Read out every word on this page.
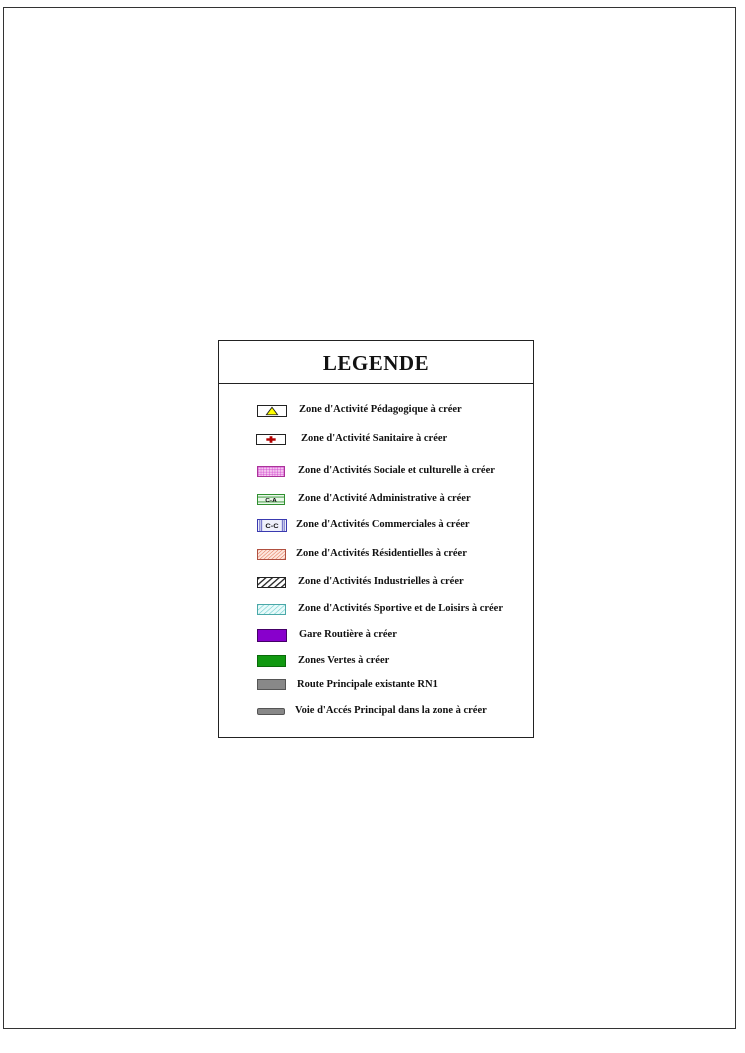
LEGENDE
Zone d'Activité Pédagogique à créer
Zone d'Activité Sanitaire à créer
Zone d'Activités Sociale et culturelle à créer
C-A Zone d'Activité Administrative à créer
C-C Zone d'Activités Commerciales à créer
Zone d'Activités Résidentielles à créer
Zone d'Activités Industrielles à créer
Zone d'Activités Sportive et de Loisirs à créer
Gare Routière à créer
Zones Vertes à créer
Route Principale existante RN1
Voie d'Accés Principal dans la zone à créer
